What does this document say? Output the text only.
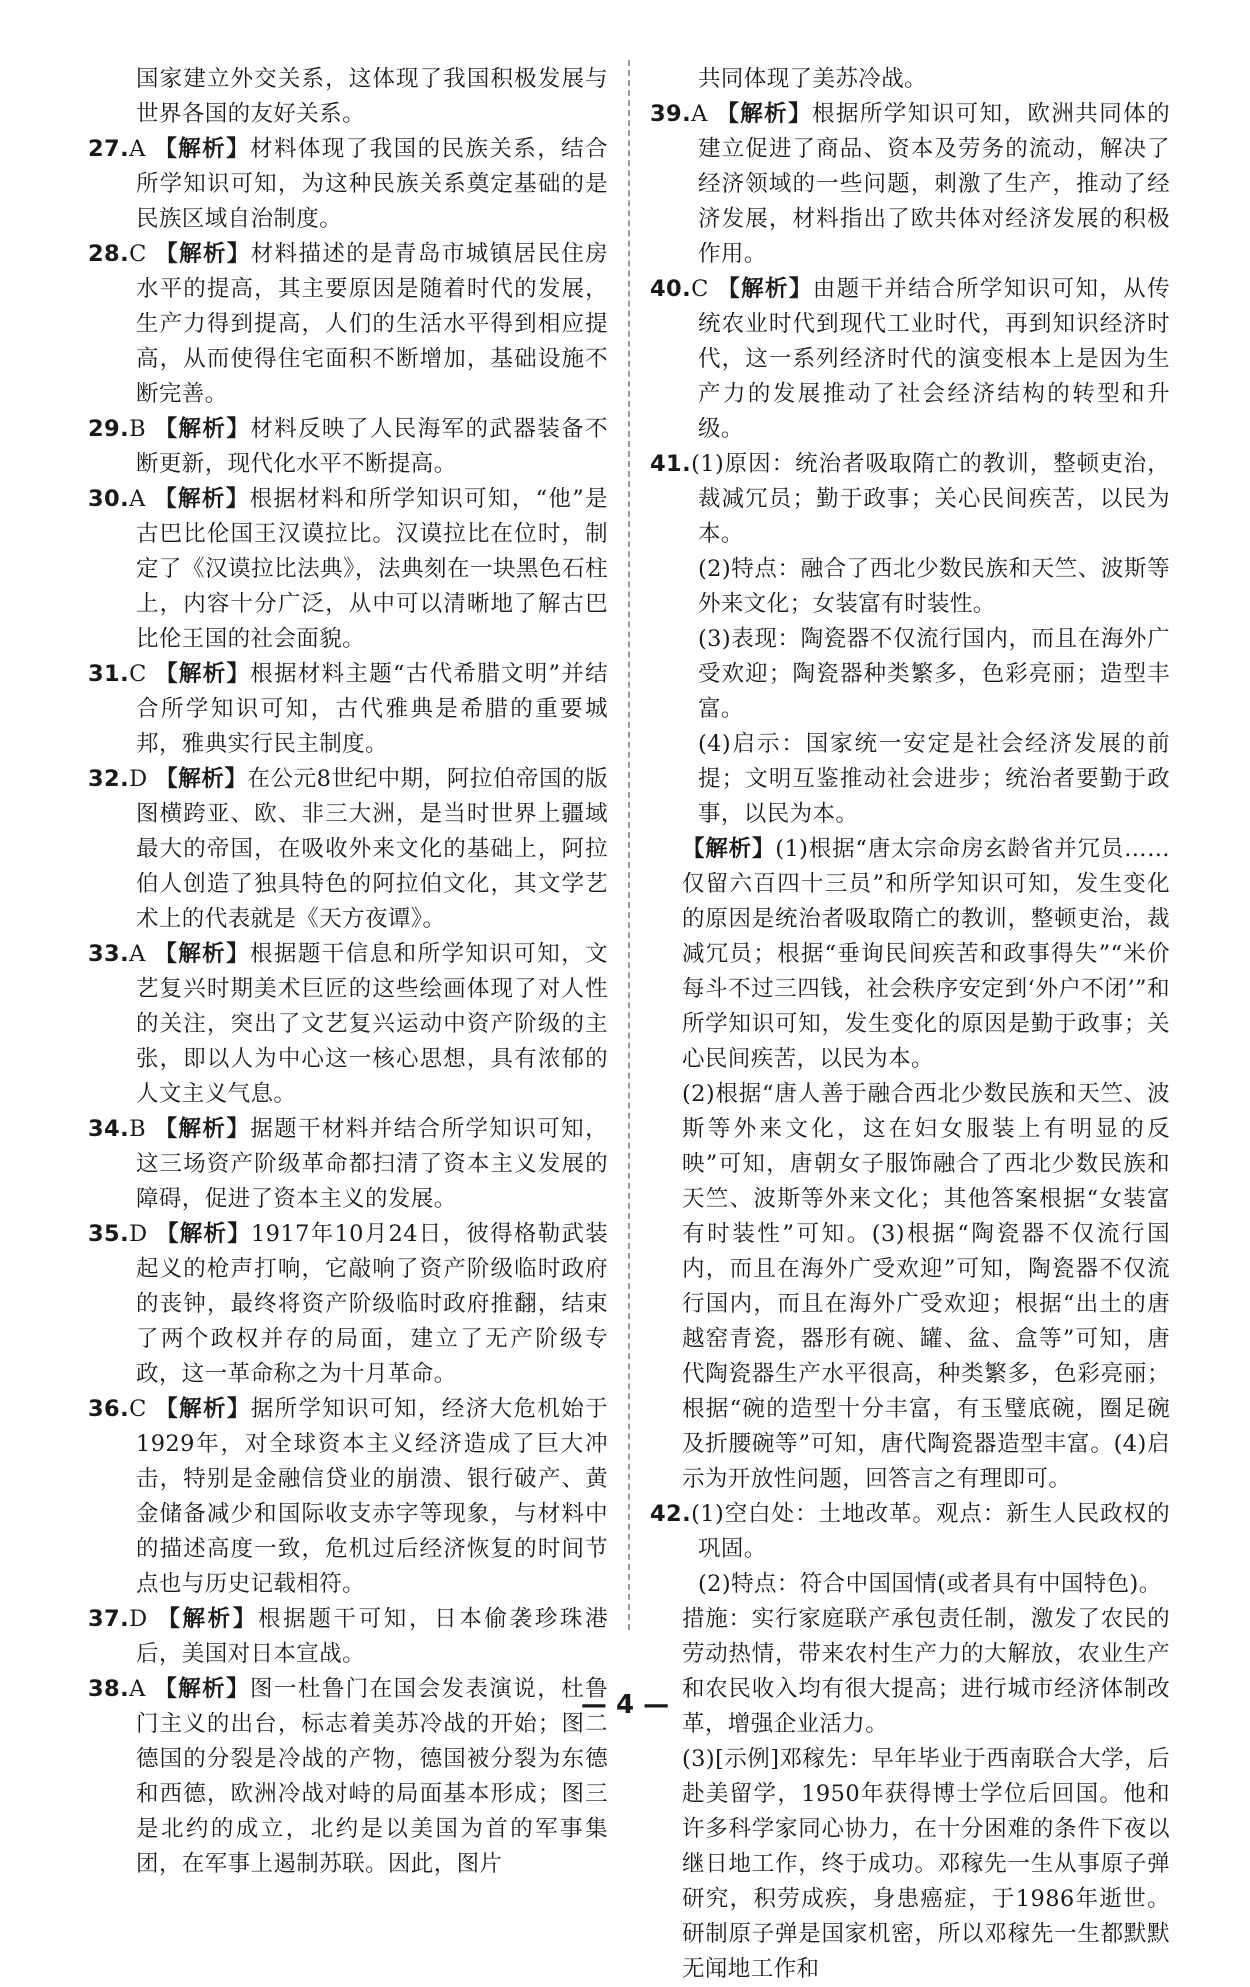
国家建立外交关系，这体现了我国积极发展与世界各国的友好关系。

27.A 【解析】材料体现了我国的民族关系，结合所学知识可知，为这种民族关系奠定基础的是民族区域自治制度。
28.C 【解析】材料描述的是青岛市城镇居民住房水平的提高，其主要原因是随着时代的发展，生产力得到提高，人们的生活水平得到相应提高，从而使得住宅面积不断增加，基础设施不断完善。
29.B 【解析】材料反映了人民海军的武器装备不断更新，现代化水平不断提高。
30.A 【解析】根据材料和所学知识可知，“他”是古巴比伦国王汉谟拉比。汉谟拉比在位时，制定了《汉谟拉比法典》，法典刻在一块黑色石柱上，内容十分广泛，从中可以清晰地了解古巴比伦王国的社会面貌。
31.C 【解析】根据材料主题“古代希腊文明”并结合所学知识可知，古代雅典是希腊的重要城邦，雅典实行民主制度。
32.D 【解析】在公元8世纪中期，阿拉伯帝国的版图横跨亚、欧、非三大洲，是当时世界上疆域最大的帝国，在吸收外来文化的基础上，阿拉伯人创造了独具特色的阿拉伯文化，其文学艺术上的代表就是《天方夜谭》。
33.A 【解析】根据题干信息和所学知识可知，文艺复兴时期美术巨匠的这些绘画体现了对人性的关注，突出了文艺复兴运动中资产阶级的主张，即以人为中心这一核心思想，具有浓郁的人文主义气息。
34.B 【解析】据题干材料并结合所学知识可知，这三场资产阶级革命都扫清了资本主义发展的障碍，促进了资本主义的发展。
35.D 【解析】1917年10月24日，彼得格勒武装起义的枪声打响，它敲响了资产阶级临时政府的丧钟，最终将资产阶级临时政府推翻，结束了两个政权并存的局面，建立了无产阶级专政，这一革命称之为十月革命。
36.C 【解析】据所学知识可知，经济大危机始于1929年，对全球资本主义经济造成了巨大冲击，特别是金融信贷业的崩溃、银行破产、黄金储备减少和国际收支赤字等现象，与材料中的描述高度一致，危机过后经济恢复的时间节点也与历史记载相符。
37.D 【解析】根据题干可知，日本偷袭珍珠港后，美国对日本宣战。
38.A 【解析】图一杜鲁门在国会发表演说，杜鲁门主义的出台，标志着美苏冷战的开始；图二德国的分裂是冷战的产物，德国被分裂为东德和西德，欧洲冷战对峙的局面基本形成；图三是北约的成立，北约是以美国为首的军事集团，在军事上遏制苏联。因此，图片

共同体现了美苏冷战。

39.A 【解析】根据所学知识可知，欧洲共同体的建立促进了商品、资本及劳务的流动，解决了经济领域的一些问题，刺激了生产，推动了经济发展，材料指出了欧共体对经济发展的积极作用。
40.C 【解析】由题干并结合所学知识可知，从传统农业时代到现代工业时代，再到知识经济时代，这一系列经济时代的演变根本上是因为生产力的发展推动了社会经济结构的转型和升级。
41.(1)原因：统治者吸取隋亡的教训，整顿吏治，裁减冗员；勤于政事；关心民间疾苦，以民为本。

(2)特点：融合了西北少数民族和天竺、波斯等外来文化；女装富有时装性。

(3)表现：陶瓷器不仅流行国内，而且在海外广受欢迎；陶瓷器种类繁多，色彩亮丽；造型丰富。

(4)启示：国家统一安定是社会经济发展的前提；文明互鉴推动社会进步；统治者要勤于政事，以民为本。

【解析】(1)根据“唐太宗命房玄龄省并冗员……仅留六百四十三员”和所学知识可知，发生变化的原因是统治者吸取隋亡的教训，整顿吏治，裁减冗员；根据“垂询民间疾苦和政事得失”“米价每斗不过三四钱，社会秩序安定到‘外户不闭’”和所学知识可知，发生变化的原因是勤于政事；关心民间疾苦，以民为本。

(2)根据“唐人善于融合西北少数民族和天竺、波斯等外来文化，这在妇女服装上有明显的反映”可知，唐朝女子服饰融合了西北少数民族和天竺、波斯等外来文化；其他答案根据“女装富有时装性”可知。(3)根据“陶瓷器不仅流行国内，而且在海外广受欢迎”可知，陶瓷器不仅流行国内，而且在海外广受欢迎；根据“出土的唐越窑青瓷，器形有碗、罐、盆、盒等”可知，唐代陶瓷器生产水平很高，种类繁多，色彩亮丽；根据“碗的造型十分丰富，有玉璧底碗，圈足碗及折腰碗等”可知，唐代陶瓷器造型丰富。(4)启示为开放性问题，回答言之有理即可。

42.(1)空白处：土地改革。观点：新生人民政权的巩固。

(2)特点：符合中国国情(或者具有中国特色)。

措施：实行家庭联产承包责任制，激发了农民的劳动热情，带来农村生产力的大解放，农业生产和农民收入均有很大提高；进行城市经济体制改革，增强企业活力。

(3)[示例]邓稼先：早年毕业于西南联合大学，后赴美留学，1950年获得博士学位后回国。他和许多科学家同心协力，在十分困难的条件下夜以继日地工作，终于成功。邓稼先一生从事原子弹研究，积劳成疾，身患癌症，于1986年逝世。研制原子弹是国家机密，所以邓稼先一生都默默无闻地工作和

— 4 —
